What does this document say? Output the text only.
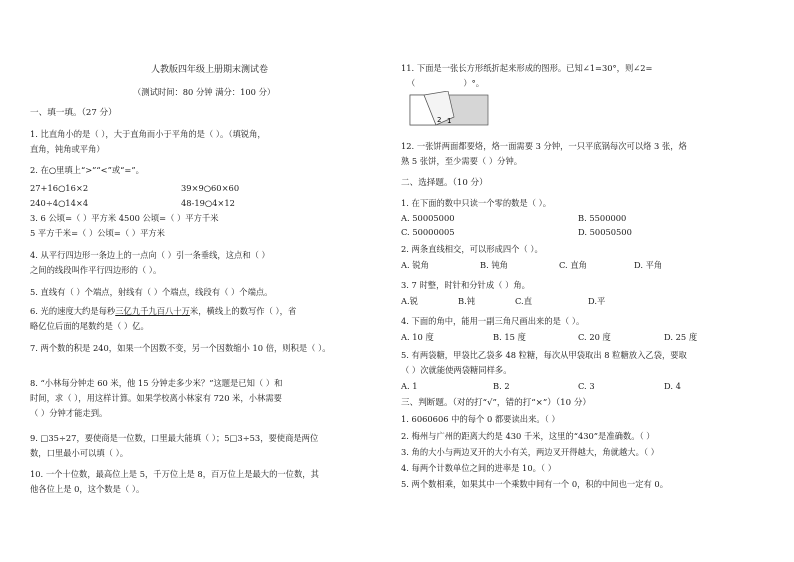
人教版四年级上册期末测试卷
（测试时间：80 分钟 满分：100 分）
一、填一填。（27 分）
1. 比直角小的是（ ），大于直角而小于平角的是（ ）。（填锐角，
直角，钝角或平角）
2. 在○里填上“>”“<”或“=”。
27+16○16×2	39×9○60×60
240÷4○14×4	48-19○4×12
3. 6 公顷=（ ）平方米 4500 公顷=（ ）平方千米
5 平方千米=（ ）公顷=（ ）平方米
4. 从平行四边形一条边上的一点向（ ）引一条垂线，这点和（ ）
之间的线段叫作平行四边形的（ ）。
5. 直线有（ ）个端点，射线有（ ）个端点，线段有（ ）个端点。
6. 光的速度大约是每秒三亿九千九百八十万米，横线上的数写作（ ），省
略亿位后面的尾数约是（ ）亿。
7. 两个数的积是 240，如果一个因数不变，另一个因数缩小 10 倍，则积是（ ）。
8. “小林每分钟走 60 米，他 15 分钟走多少米？”这题是已知（ ）和
时间，求（ ），用这样计算。如果学校离小林家有 720 米，小林需要
（ ）分钟才能走到。
9. □35÷27，要使商是一位数，口里最大能填（ ）；5□3÷53，要使商是两位
数，口里最小可以填（ ）。
10. 一个十位数，最高位上是 5，千万位上是 8，百万位上是最大的一位数，其
他各位上是 0，这个数是（ ）。
11. 下面是一张长方形纸折起来形成的图形。已知∠1=30°，则∠2=
（	）°。
2 1
12. 一张饼两面都要烙，烙一面需要 3 分钟，一只平底锅每次可以烙 3 张，烙
熟 5 张饼，至少需要（ ）分钟。
二、选择题。（10 分）
1. 在下面的数中只读一个零的数是（ ）。
A. 50005000	B. 5500000
C. 50000005	D. 50050500
2. 两条直线相交，可以形成四个（ ）。
A. 锐角	B. 钝角	C. 直角	D. 平角
3. 7 时整，时针和分针成（ ）角。
A.锐	B.钝	C.直	D.平
4. 下面的角中，能用一副三角尺画出来的是（ ）。
A. 10 度	B. 15 度	C. 20 度	D. 25 度
5. 有两袋糖，甲袋比乙袋多 48 粒糖，每次从甲袋取出 8 粒糖放入乙袋，要取
（ ）次就能使两袋糖同样多。
A. 1	B. 2	C. 3	D. 4
三、判断题。（对的打“√”，错的打“×”）（10 分）
1. 6060606 中的每个 0 都要读出来。（ ）
2. 梅州与广州的距离大约是 430 千米，这里的“430”是准确数。（ ）
3. 角的大小与两边叉开的大小有关，两边叉开得越大，角就越大。（ ）
4. 每两个计数单位之间的进率是 10。（ ）
5. 两个数相乘，如果其中一个乘数中间有一个 0，积的中间也一定有 0。
